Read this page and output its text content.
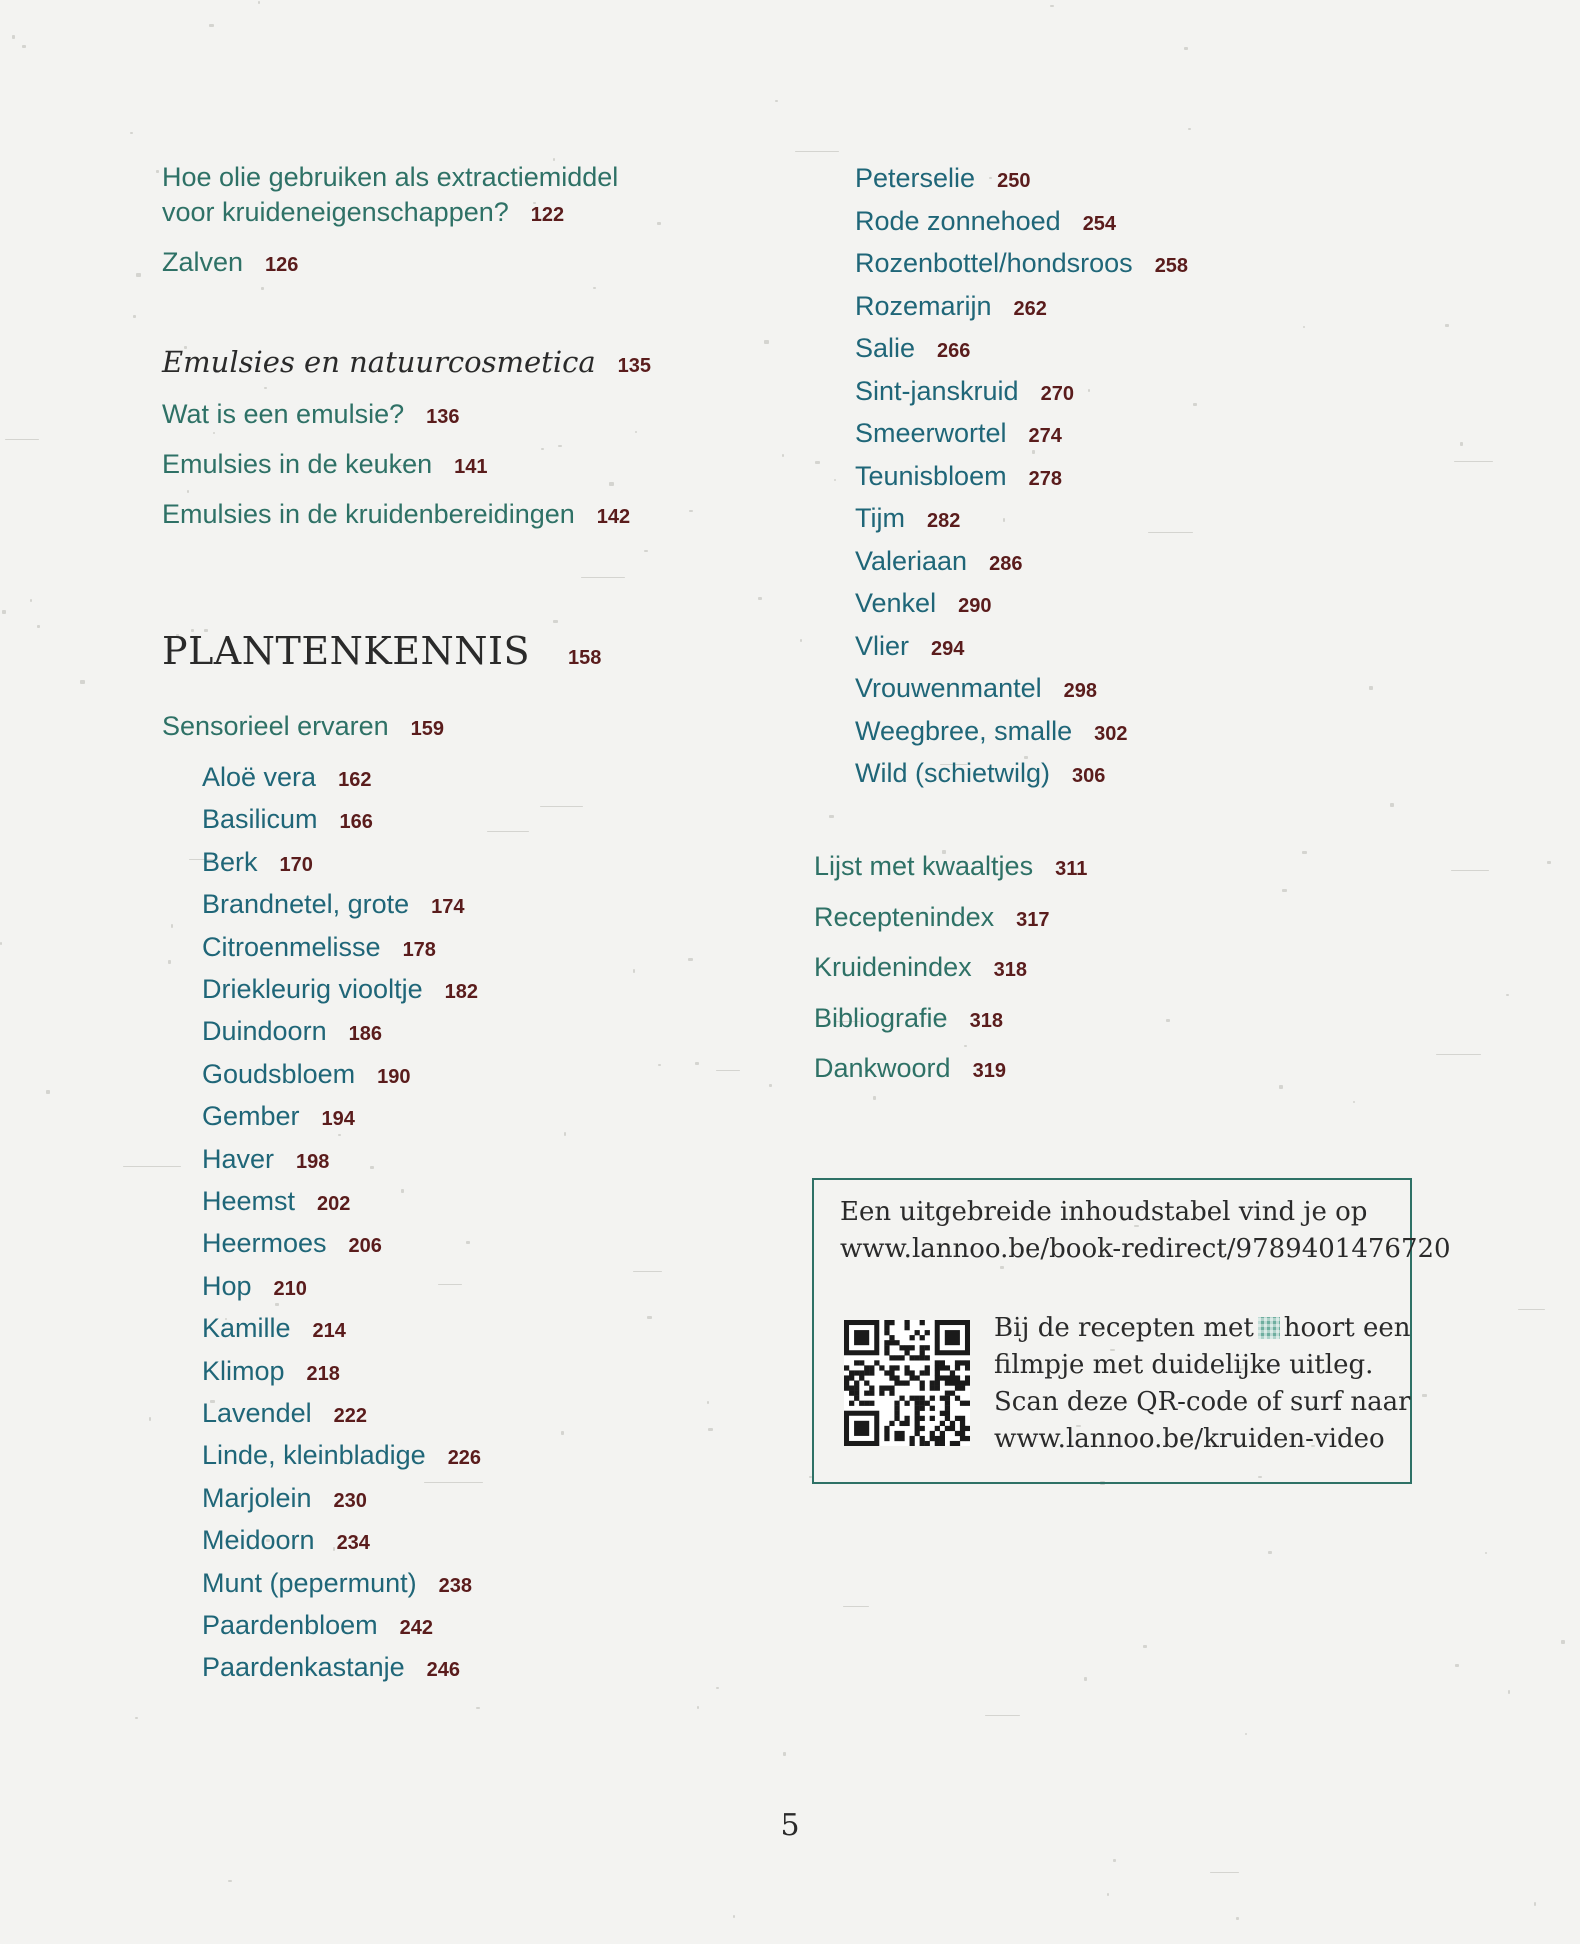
Hoe olie gebruiken als extractiemiddel
voor kruideneigenschappen? 122
Zalven 126
Emulsies en natuurcosmetica 135
Wat is een emulsie? 136
Emulsies in de keuken 141
Emulsies in de kruidenbereidingen 142
PLANTENKENNIS 158
Sensorieel ervaren 159
Aloë vera 162
Basilicum 166
Berk 170
Brandnetel, grote 174
Citroenmelisse 178
Driekleurig viooltje 182
Duindoorn 186
Goudsbloem 190
Gember 194
Haver 198
Heemst 202
Heermoes 206
Hop 210
Kamille 214
Klimop 218
Lavendel 222
Linde, kleinbladige 226
Marjolein 230
Meidoorn 234
Munt (pepermunt) 238
Paardenbloem 242
Paardenkastanje 246
Peterselie 250
Rode zonnehoed 254
Rozenbottel/hondsroos 258
Rozemarijn 262
Salie 266
Sint-janskruid 270
Smeerwortel 274
Teunisbloem 278
Tijm 282
Valeriaan 286
Venkel 290
Vlier 294
Vrouwenmantel 298
Weegbree, smalle 302
Wild (schietwilg) 306
Lijst met kwaaltjes 311
Receptenindex 317
Kruidenindex 318
Bibliografie 318
Dankwoord 319
Een uitgebreide inhoudstabel vind je op
www.lannoo.be/book-redirect/9789401476720
Bij de recepten met hoort een
filmpje met duidelijke uitleg.
Scan deze QR-code of surf naar
www.lannoo.be/kruiden-video
5
